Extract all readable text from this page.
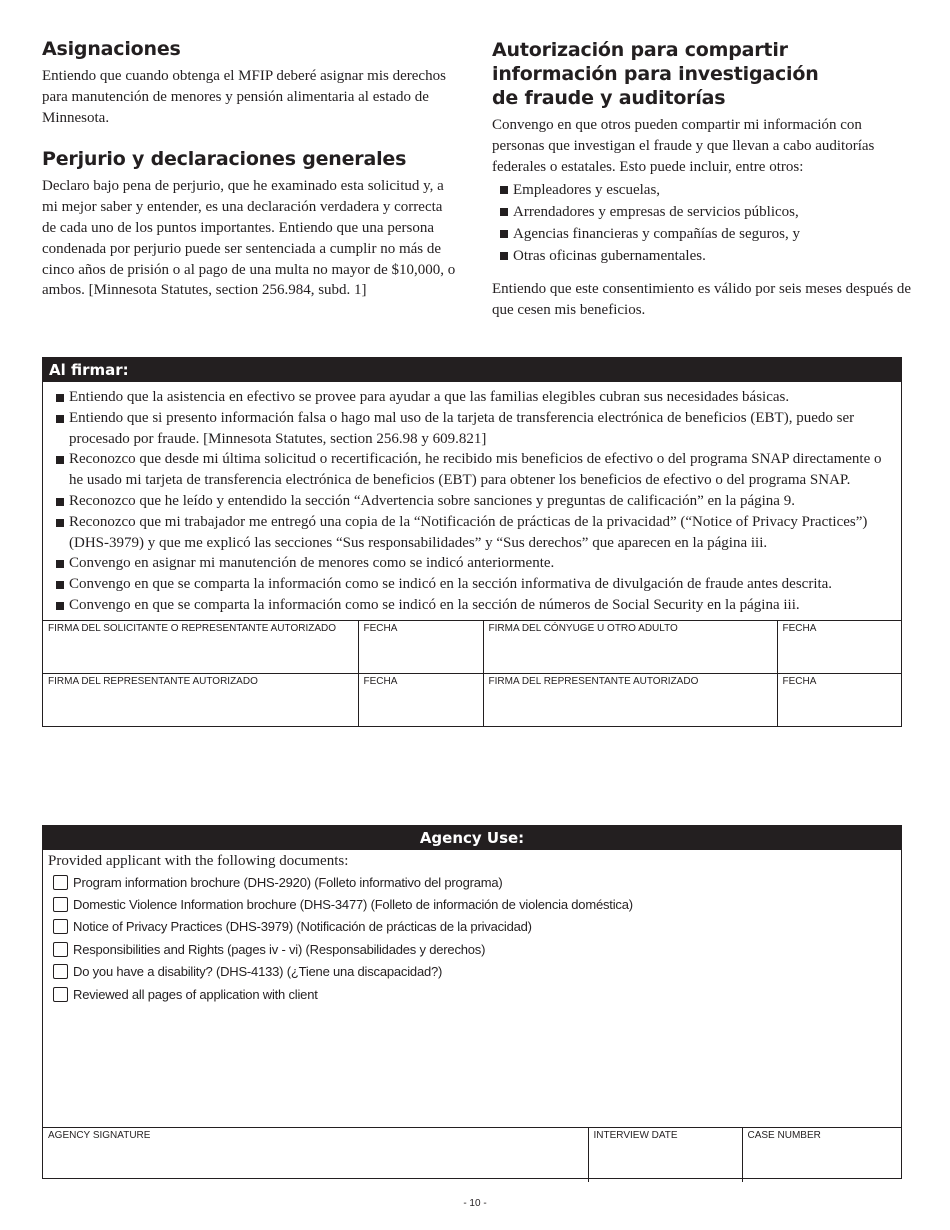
Asignaciones

Entiendo que cuando obtenga el MFIP deberé asignar mis derechos para manutención de menores y pensión alimentaria al estado de Minnesota.

Perjurio y declaraciones generales

Declaro bajo pena de perjurio, que he examinado esta solicitud y, a mi mejor saber y entender, es una declaración verdadera y correcta de cada uno de los puntos importantes. Entiendo que una persona condenada por perjurio puede ser sentenciada a cumplir no más de cinco años de prisión o al pago de una multa no mayor de $10,000, o ambos. [Minnesota Statutes, section 256.984, subd. 1]

Autorización para compartir
información para investigación
de fraude y auditorías

Convengo en que otros pueden compartir mi información con personas que investigan el fraude y que llevan a cabo auditorías federales o estatales. Esto puede incluir, entre otros:

Empleadores y escuelas,
Arrendadores y empresas de servicios públicos,
Agencias financieras y compañías de seguros, y
Otras oficinas gubernamentales.

Entiendo que este consentimiento es válido por seis meses después de que cesen mis beneficios.

Al firmar:
Entiendo que la asistencia en efectivo se provee para ayudar a que las familias elegibles cubran sus necesidades básicas.
Entiendo que si presento información falsa o hago mal uso de la tarjeta de transferencia electrónica de beneficios (EBT), puedo ser procesado por fraude. [Minnesota Statutes, section 256.98 y 609.821]
Reconozco que desde mi última solicitud o recertificación, he recibido mis beneficios de efectivo o del programa SNAP directamente o he usado mi tarjeta de transferencia electrónica de beneficios (EBT) para obtener los beneficios de efectivo o del programa SNAP.
Reconozco que he leído y entendido la sección “Advertencia sobre sanciones y preguntas de calificación” en la página 9.
Reconozco que mi trabajador me entregó una copia de la “Notificación de prácticas de la privacidad” (“Notice of Privacy Practices”) (DHS-3979) y que me explicó las secciones “Sus responsabilidades” y “Sus derechos” que aparecen en la página iii.
Convengo en asignar mi manutención de menores como se indicó anteriormente.
Convengo en que se comparta la información como se indicó en la sección informativa de divulgación de fraude antes descrita.
Convengo en que se comparta la información como se indicó en la sección de números de Social Security en la página iii.
FIRMA DEL SOLICITANTE O REPRESENTANTE AUTORIZADO	FECHA	FIRMA DEL CÓNYUGE U OTRO ADULTO	FECHA
FIRMA DEL REPRESENTANTE AUTORIZADO	FECHA	FIRMA DEL REPRESENTANTE AUTORIZADO	FECHA
Agency Use:
Provided applicant with the following documents:
Program information brochure (DHS-2920) (Folleto informativo del programa)
Domestic Violence Information brochure (DHS-3477) (Folleto de información de violencia doméstica)
Notice of Privacy Practices (DHS-3979) (Notificación de prácticas de la privacidad)
Responsibilities and Rights (pages iv - vi) (Responsabilidades y derechos)
Do you have a disability? (DHS-4133) (¿Tiene una discapacidad?)
Reviewed all pages of application with client
AGENCY SIGNATURE	INTERVIEW DATE	CASE NUMBER
- 10 -
